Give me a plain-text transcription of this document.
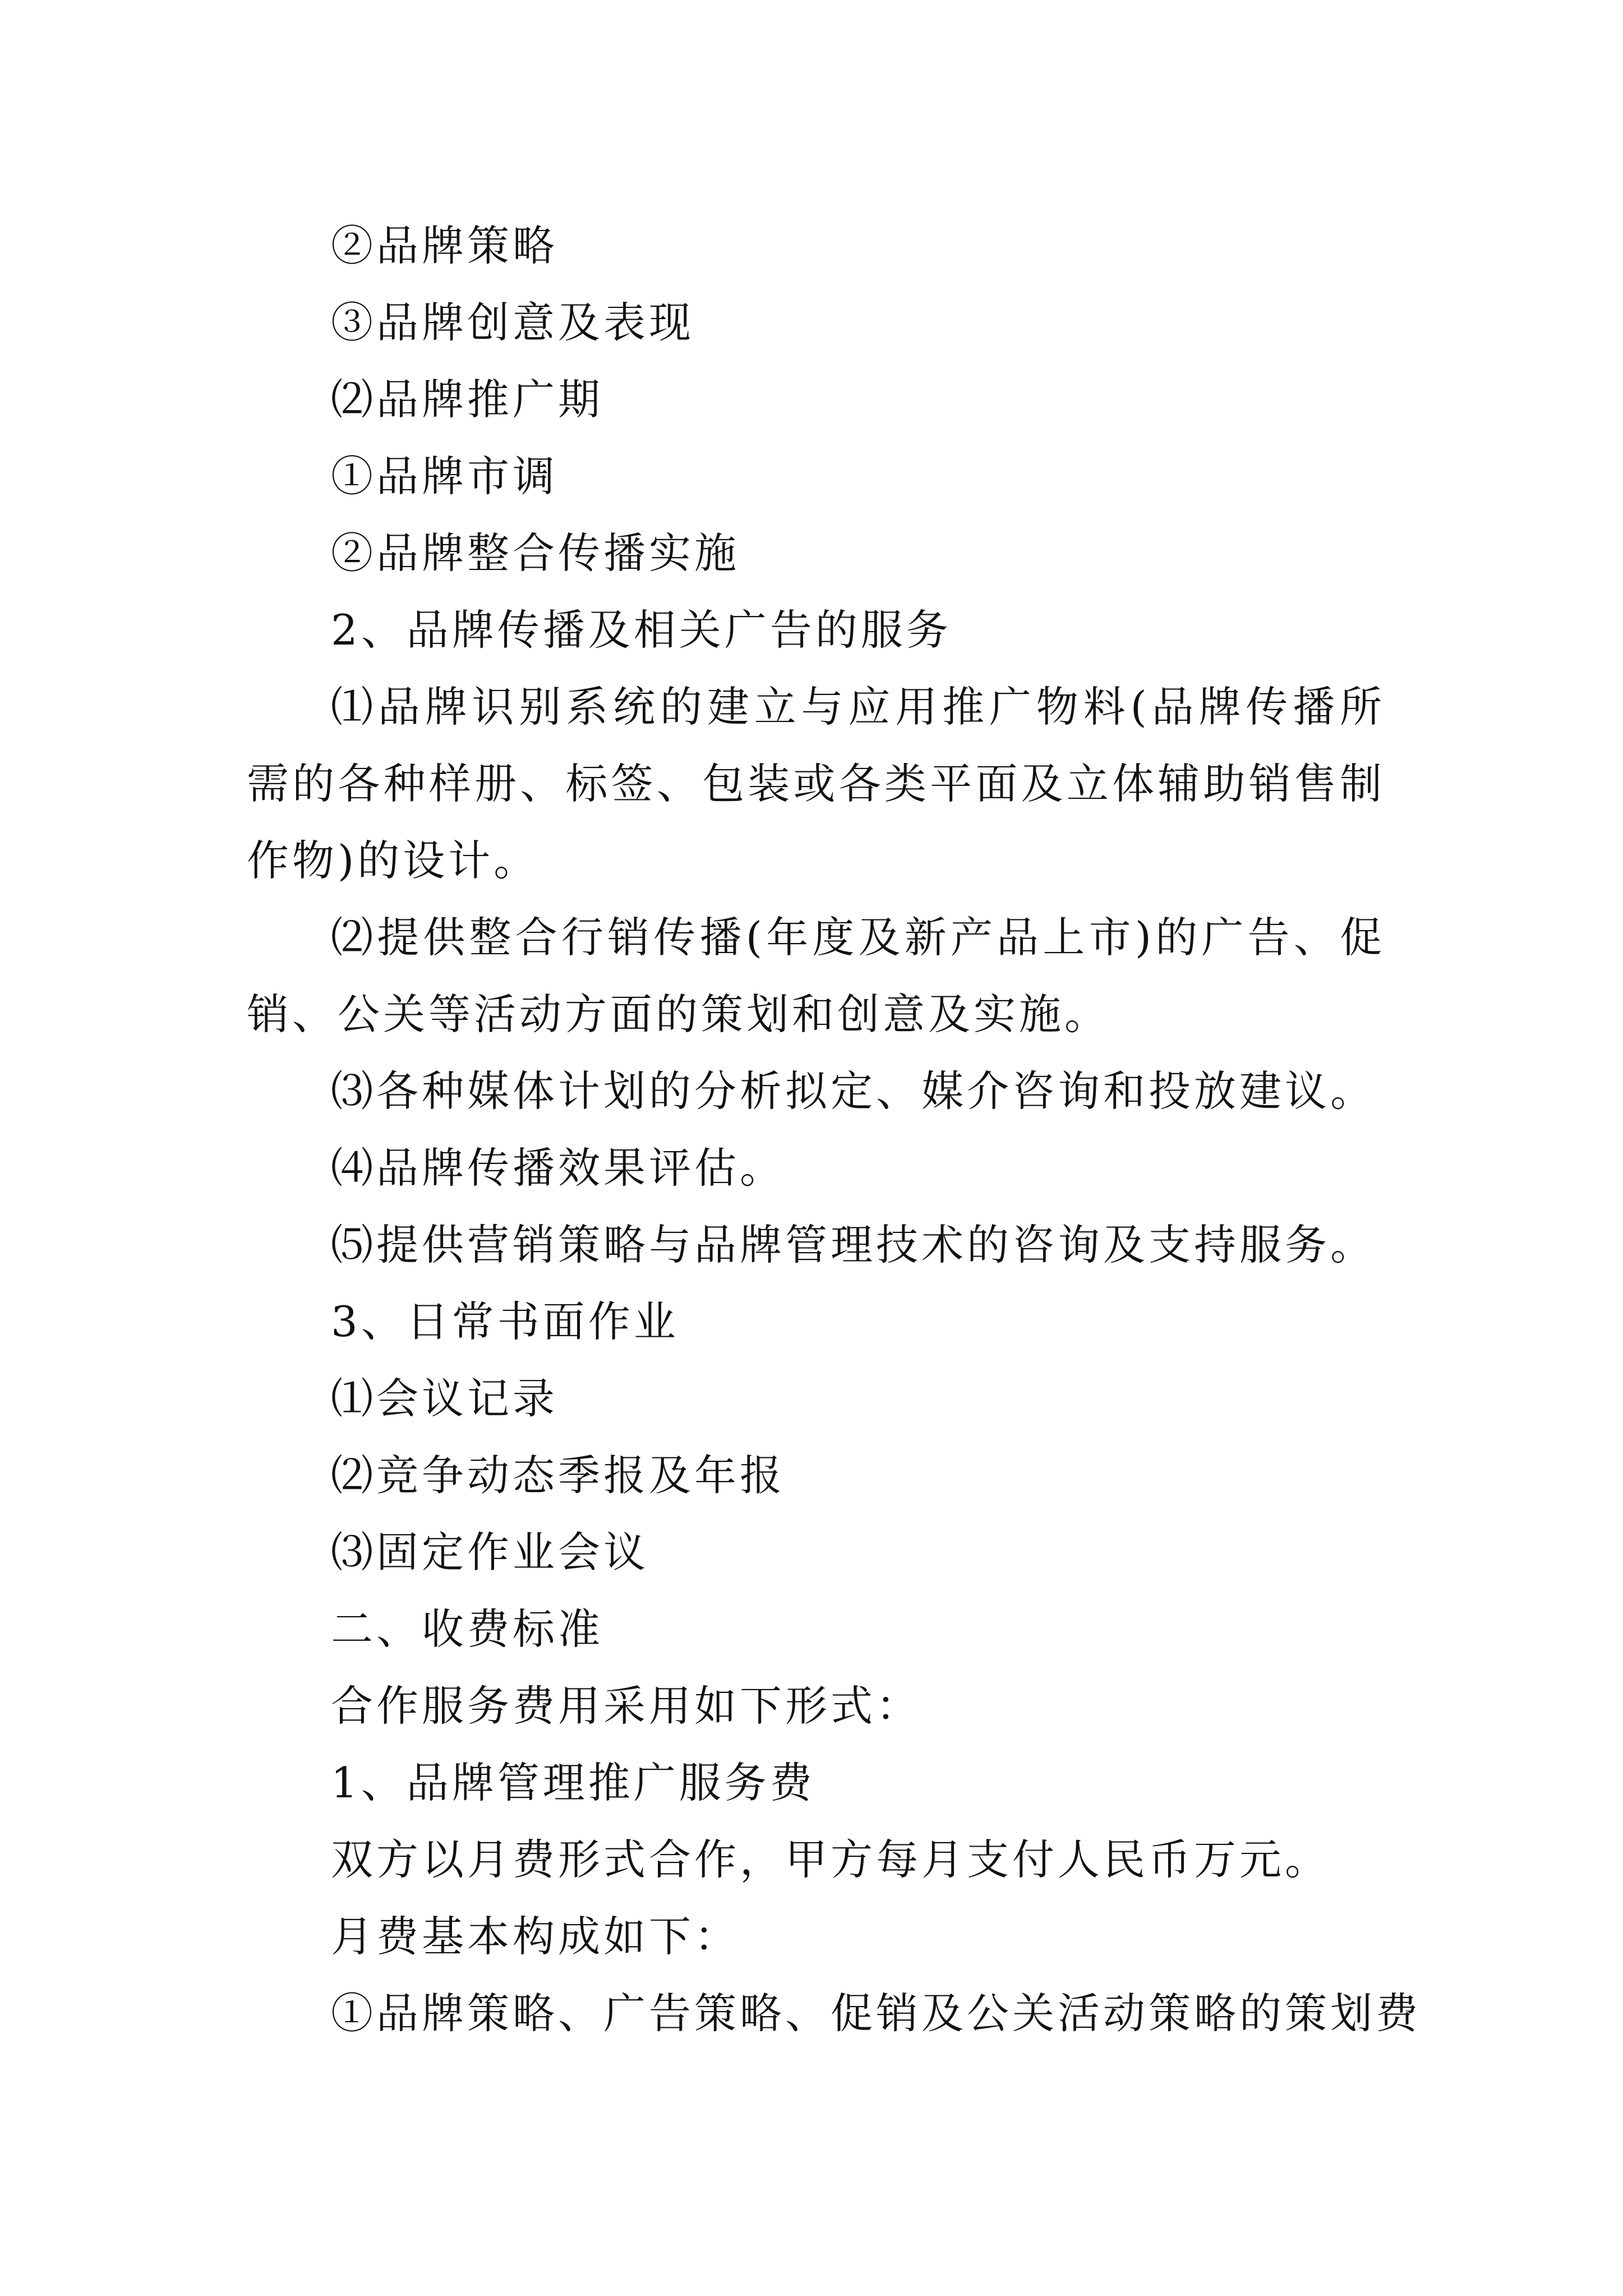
②品牌策略

③品牌创意及表现

⑵品牌推广期

①品牌市调

②品牌整合传播实施

2、品牌传播及相关广告的服务

⑴品牌识别系统的建立与应用推广物料(品牌传播所需的各种样册、标签、包装或各类平面及立体辅助销售制作物)的设计。

⑵提供整合行销传播(年度及新产品上市)的广告、促销、公关等活动方面的策划和创意及实施。

⑶各种媒体计划的分析拟定、媒介咨询和投放建议。

⑷品牌传播效果评估。

⑸提供营销策略与品牌管理技术的咨询及支持服务。

3、日常书面作业

⑴会议记录

⑵竞争动态季报及年报

⑶固定作业会议

二、收费标准

合作服务费用采用如下形式：

1、品牌管理推广服务费

双方以月费形式合作，甲方每月支付人民币万元。

月费基本构成如下：

①品牌策略、广告策略、促销及公关活动策略的策划费
